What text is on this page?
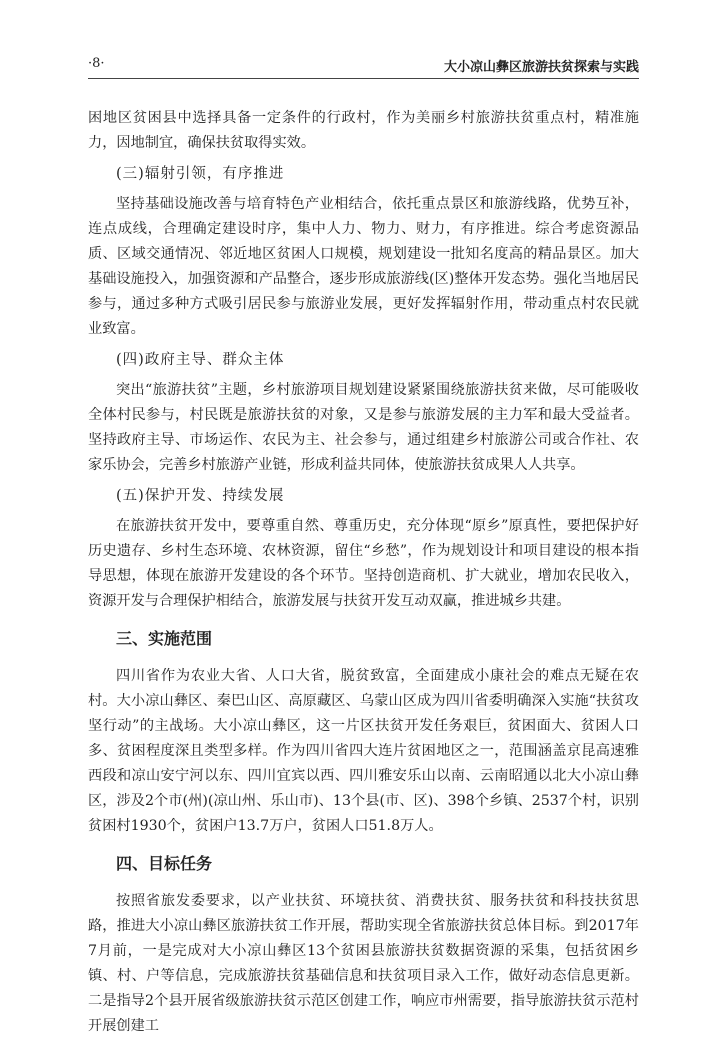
·8·	大小凉山彝区旅游扶贫探索与实践

困地区贫困县中选择具备一定条件的行政村，作为美丽乡村旅游扶贫重点村，精准施力，因地制宜，确保扶贫取得实效。

(三)辐射引领，有序推进

坚持基础设施改善与培育特色产业相结合，依托重点景区和旅游线路，优势互补，连点成线，合理确定建设时序，集中人力、物力、财力，有序推进。综合考虑资源品质、区域交通情况、邻近地区贫困人口规模，规划建设一批知名度高的精品景区。加大基础设施投入，加强资源和产品整合，逐步形成旅游线(区)整体开发态势。强化当地居民参与，通过多种方式吸引居民参与旅游业发展，更好发挥辐射作用，带动重点村农民就业致富。

(四)政府主导、群众主体

突出“旅游扶贫”主题，乡村旅游项目规划建设紧紧围绕旅游扶贫来做，尽可能吸收全体村民参与，村民既是旅游扶贫的对象，又是参与旅游发展的主力军和最大受益者。坚持政府主导、市场运作、农民为主、社会参与，通过组建乡村旅游公司或合作社、农家乐协会，完善乡村旅游产业链，形成利益共同体，使旅游扶贫成果人人共享。

(五)保护开发、持续发展

在旅游扶贫开发中，要尊重自然、尊重历史，充分体现“原乡”原真性，要把保护好历史遗存、乡村生态环境、农林资源，留住“乡愁”，作为规划设计和项目建设的根本指导思想，体现在旅游开发建设的各个环节。坚持创造商机、扩大就业，增加农民收入，资源开发与合理保护相结合，旅游发展与扶贫开发互动双赢，推进城乡共建。

三、实施范围

四川省作为农业大省、人口大省，脱贫致富，全面建成小康社会的难点无疑在农村。大小凉山彝区、秦巴山区、高原藏区、乌蒙山区成为四川省委明确深入实施“扶贫攻坚行动”的主战场。大小凉山彝区，这一片区扶贫开发任务艰巨，贫困面大、贫困人口多、贫困程度深且类型多样。作为四川省四大连片贫困地区之一，范围涵盖京昆高速雅西段和凉山安宁河以东、四川宜宾以西、四川雅安乐山以南、云南昭通以北大小凉山彝区，涉及2个市(州)(凉山州、乐山市)、13个县(市、区)、398个乡镇、2537个村，识别贫困村1930个，贫困户13.7万户，贫困人口51.8万人。

四、目标任务

按照省旅发委要求，以产业扶贫、环境扶贫、消费扶贫、服务扶贫和科技扶贫思路，推进大小凉山彝区旅游扶贫工作开展，帮助实现全省旅游扶贫总体目标。到2017年7月前，一是完成对大小凉山彝区13个贫困县旅游扶贫数据资源的采集，包括贫困乡镇、村、户等信息，完成旅游扶贫基础信息和扶贫项目录入工作，做好动态信息更新。二是指导2个县开展省级旅游扶贫示范区创建工作，响应市州需要，指导旅游扶贫示范村开展创建工
